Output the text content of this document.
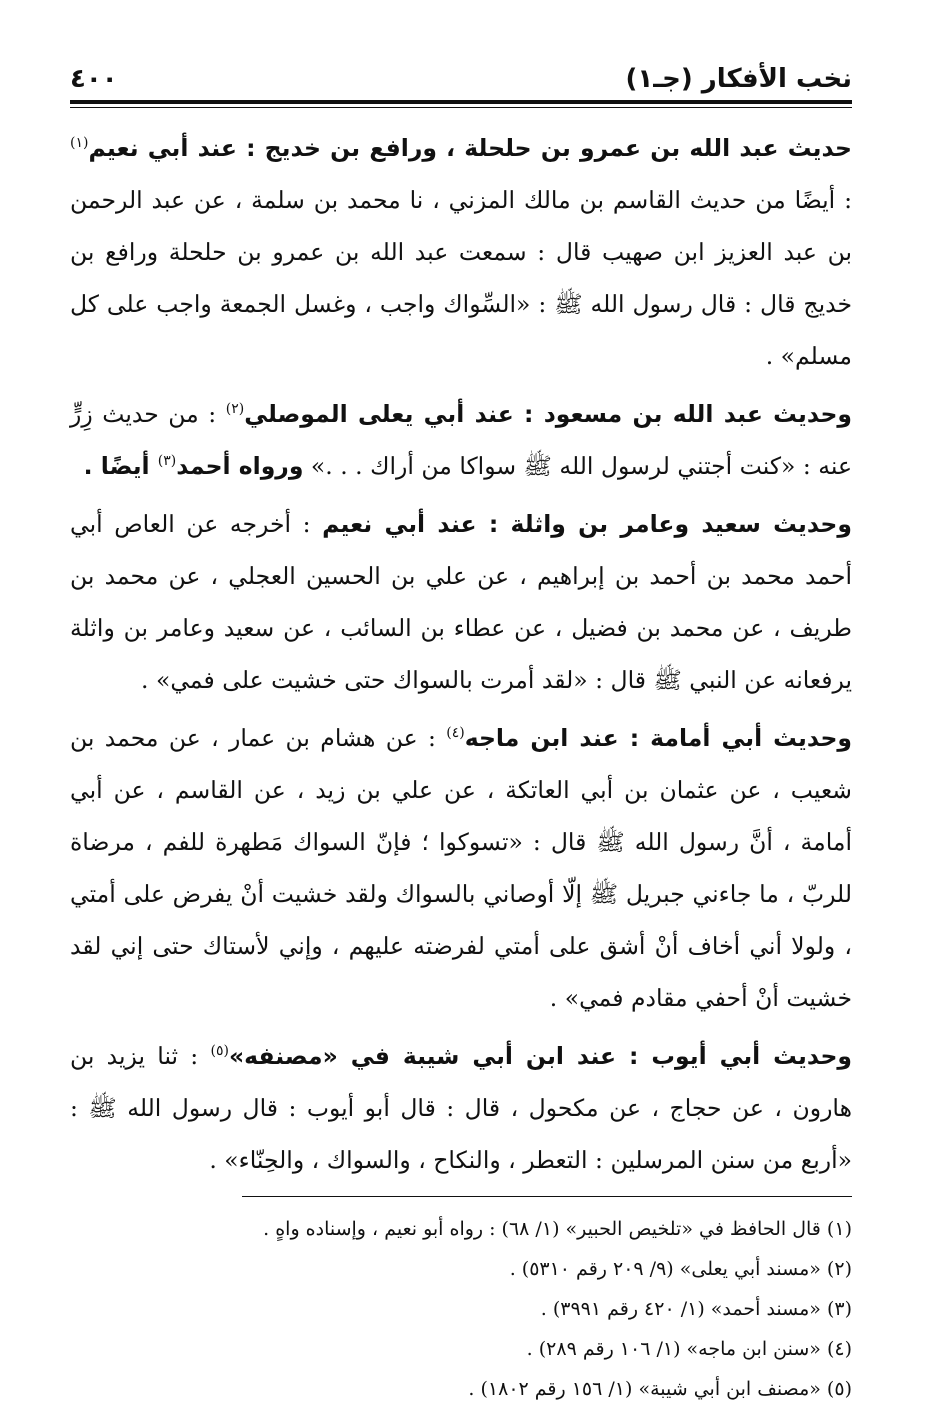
نخب الأفكار (جـ١)
٤٠٠

حديث عبد الله بن عمرو بن حلحلة ، ورافع بن خديج : عند أبي نعيم$^{(١)}$ : أيضًا من حديث القاسم بن مالك المزني ، نا محمد بن سلمة ، عن عبد الرحمن بن عبد العزيز ابن صهيب قال : سمعت عبد الله بن عمرو بن حلحلة ورافع بن خديج قال : قال رسول الله ﷺ : «السِّواك واجب ، وغسل الجمعة واجب على كل مسلم» .

وحديث عبد الله بن مسعود : عند أبي يعلى الموصلي$^{(٢)}$ : من حديث زِرٍّ عنه : «كنت أجتني لرسول الله ﷺ سواكا من أراك . . .» ورواه أحمد$^{(٣)}$ أيضًا .

وحديث سعيد وعامر بن واثلة : عند أبي نعيم : أخرجه عن العاص أبي أحمد محمد بن أحمد بن إبراهيم ، عن علي بن الحسين العجلي ، عن محمد بن طريف ، عن محمد بن فضيل ، عن عطاء بن السائب ، عن سعيد وعامر بن واثلة يرفعانه عن النبي ﷺ قال : «لقد أمرت بالسواك حتى خشيت على فمي» .

وحديث أبي أمامة : عند ابن ماجه$^{(٤)}$ : عن هشام بن عمار ، عن محمد بن شعيب ، عن عثمان بن أبي العاتكة ، عن علي بن زيد ، عن القاسم ، عن أبي أمامة ، أنَّ رسول الله ﷺ قال : «تسوكوا ؛ فإنّ السواك مَطهرة للفم ، مرضاة للربّ ، ما جاءني جبريل ﷺ إلّا أوصاني بالسواك ولقد خشيت أنْ يفرض على أمتي ، ولولا أني أخاف أنْ أشق على أمتي لفرضته عليهم ، وإني لأستاك حتى إني لقد خشيت أنْ أحفي مقادم فمي» .

وحديث أبي أيوب : عند ابن أبي شيبة في «مصنفه»$^{(٥)}$ : ثنا يزيد بن هارون ، عن حجاج ، عن مكحول ، قال : قال أبو أيوب : قال رسول الله ﷺ : «أربع من سنن المرسلين : التعطر ، والنكاح ، والسواك ، والحِنّاء» .

(١) قال الحافظ في «تلخيص الحبير» (١/ ٦٨) : رواه أبو نعيم ، وإسناده واهٍ .
(٢) «مسند أبي يعلى» (٩/ ٢٠٩ رقم ٥٣١٠) .
(٣) «مسند أحمد» (١/ ٤٢٠ رقم ٣٩٩١) .
(٤) «سنن ابن ماجه» (١/ ١٠٦ رقم ٢٨٩) .
(٥) «مصنف ابن أبي شيبة» (١/ ١٥٦ رقم ١٨٠٢) .
